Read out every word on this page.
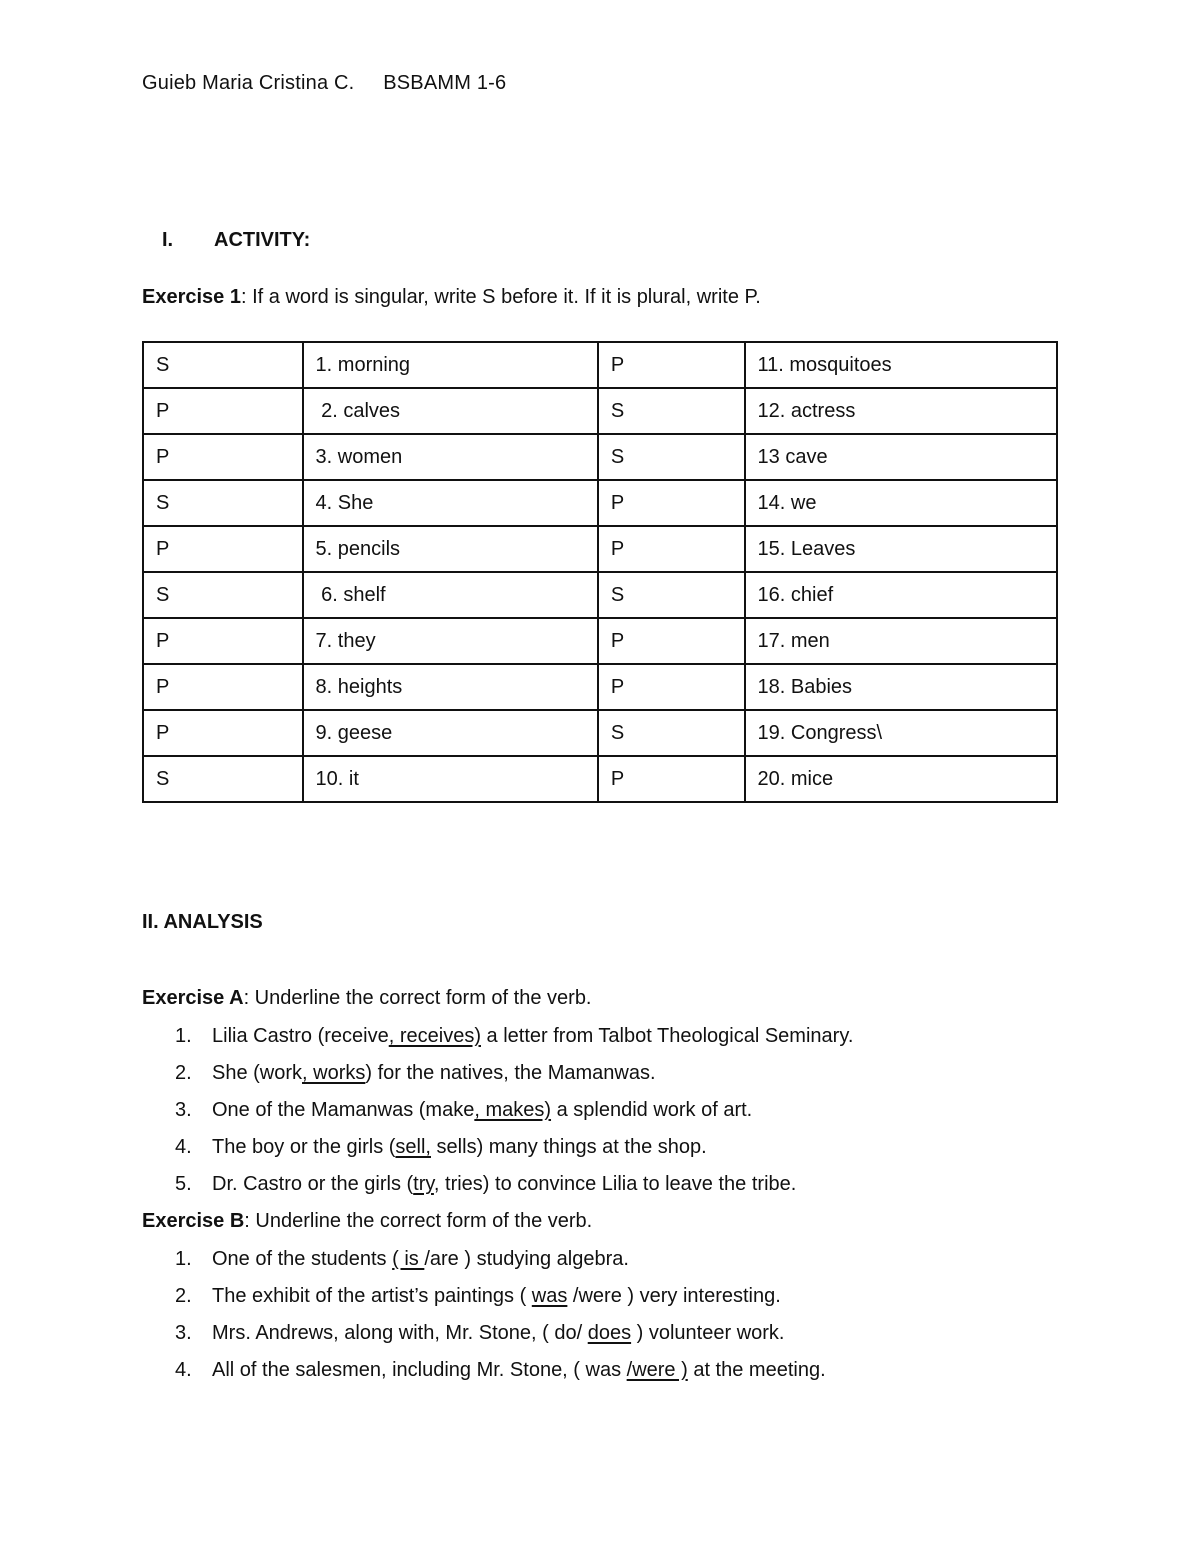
Guieb Maria Cristina C.     BSBAMM 1-6
I. ACTIVITY:
Exercise 1: If a word is singular, write S before it. If it is plural, write P.
S	1. morning	P	11. mosquitoes
P	2. calves	S	12. actress
P	3. women	S	13 cave
S	4. She	P	14. we
P	5. pencils	P	15. Leaves
S	6. shelf	S	16. chief
P	7. they	P	17. men
P	8. heights	P	18. Babies
P	9. geese	S	19. Congress\
S	10. it	P	20. mice
II. ANALYSIS
Exercise A: Underline the correct form of the verb.
1. Lilia Castro (receive, receives) a letter from Talbot Theological Seminary.
2. She (work, works) for the natives, the Mamanwas.
3. One of the Mamanwas (make, makes) a splendid work of art.
4. The boy or the girls (sell, sells) many things at the shop.
5. Dr. Castro or the girls (try, tries) to convince Lilia to leave the tribe.
Exercise B: Underline the correct form of the verb.
1. One of the students ( is /are ) studying algebra.
2. The exhibit of the artist’s paintings ( was /were ) very interesting.
3. Mrs. Andrews, along with, Mr. Stone, ( do/ does ) volunteer work.
4. All of the salesmen, including Mr. Stone, ( was /were ) at the meeting.
